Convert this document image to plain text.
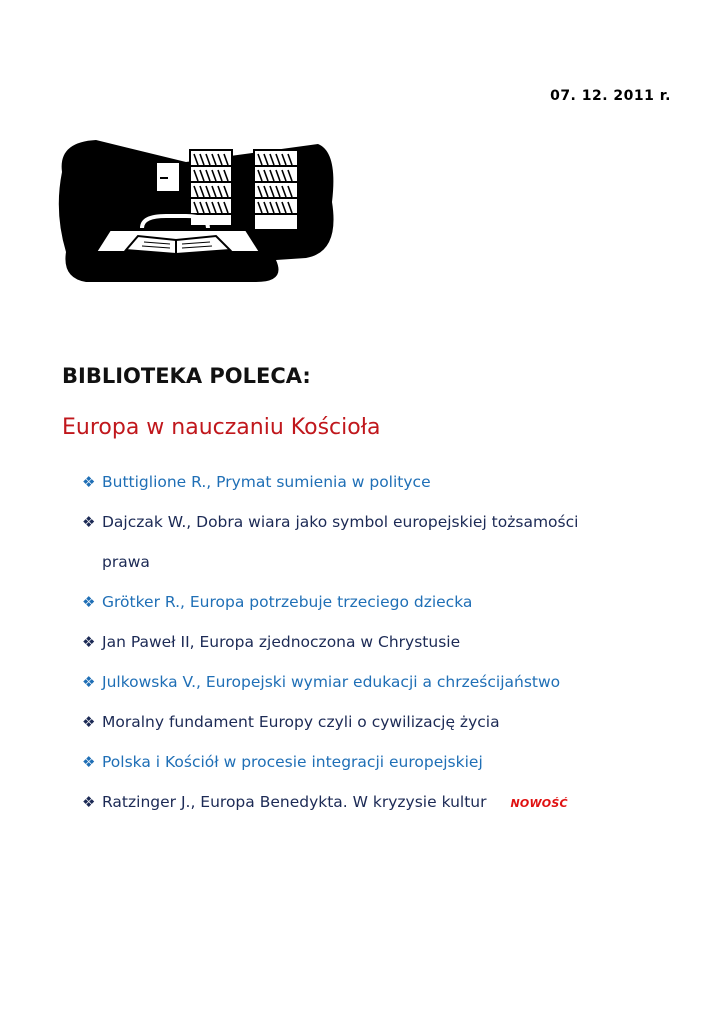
07. 12. 2011 r.
BIBLIOTEKA POLECA:
Europa w nauczaniu Kościoła
❖ Buttiglione R., Prymat sumienia w polityce
❖ Dajczak W., Dobra wiara jako symbol europejskiej tożsamości prawa
❖ Grötker R., Europa potrzebuje trzeciego dziecka
❖ Jan Paweł II, Europa zjednoczona w Chrystusie
❖ Julkowska V., Europejski wymiar edukacji a chrześcijaństwo
❖ Moralny fundament Europy czyli o cywilizację życia
❖ Polska i Kościół w procesie integracji europejskiej
❖ Ratzinger J., Europa Benedykta. W kryzysie kultur NOWOŚĆ
